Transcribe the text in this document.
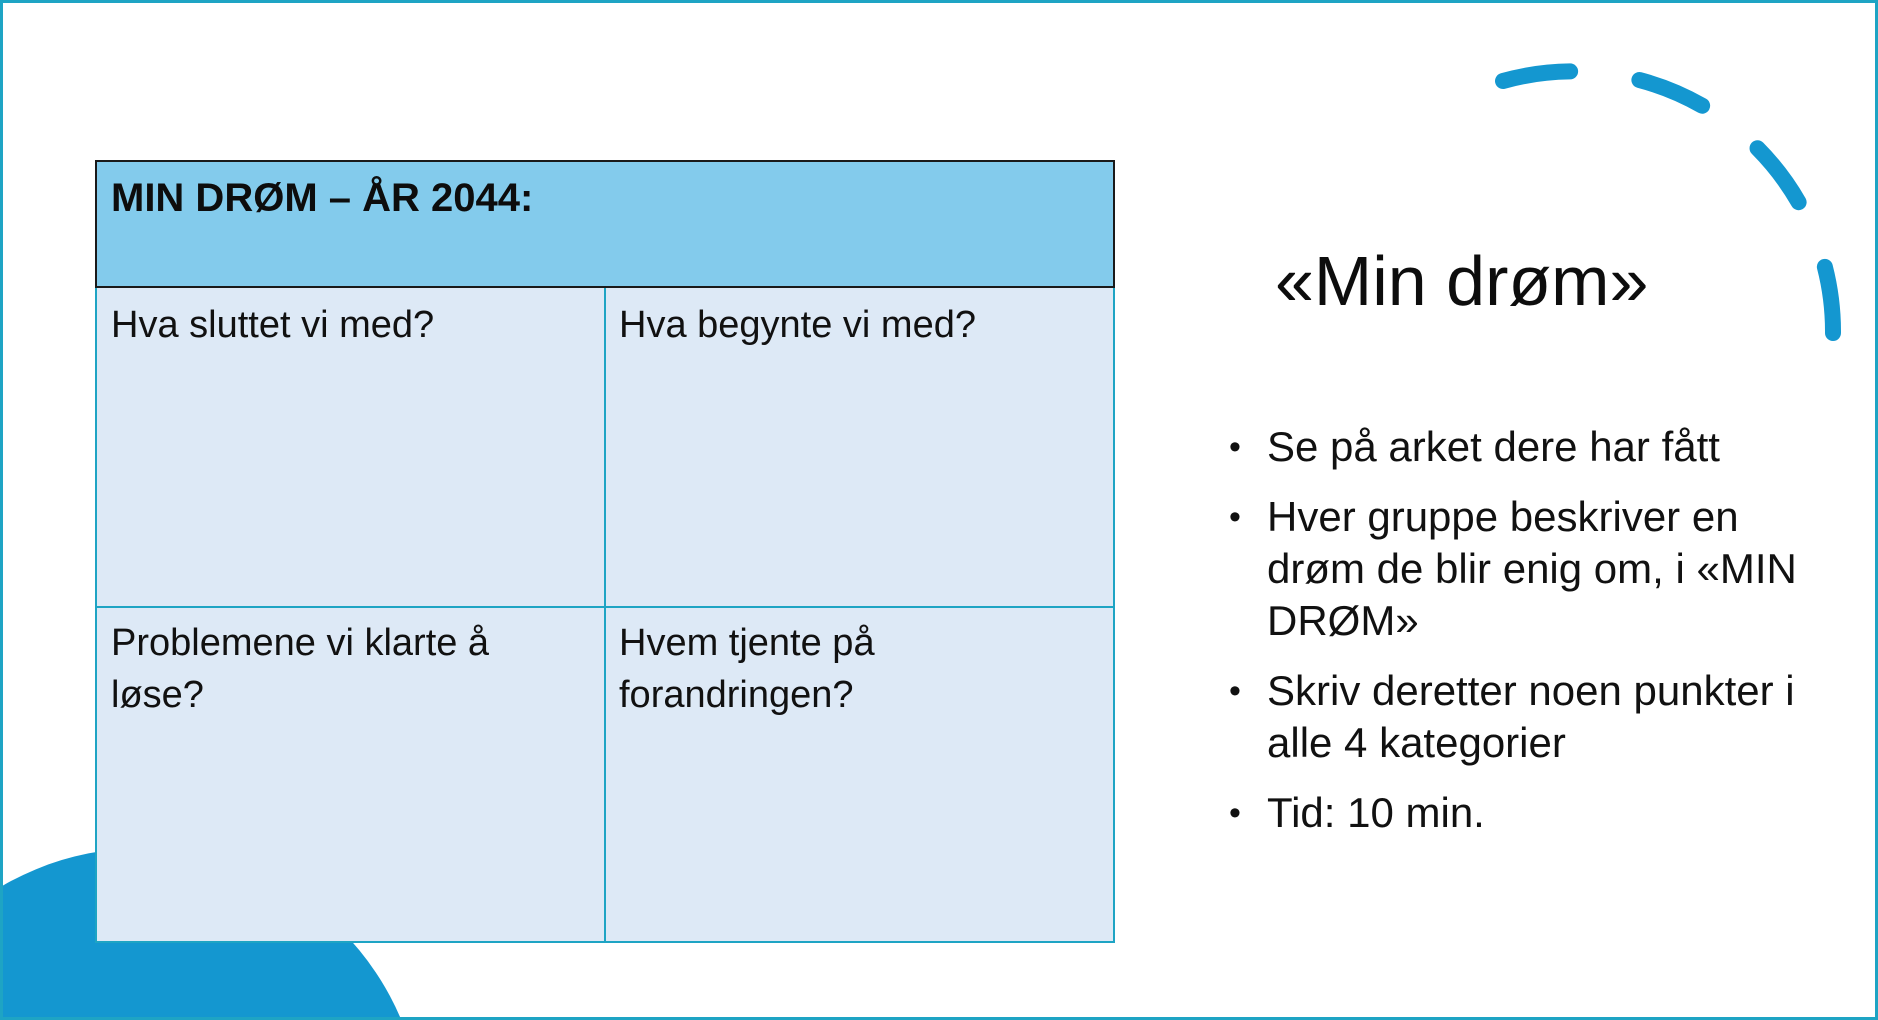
MIN DRØM – ÅR 2044:
Hva sluttet vi med?	Hva begynte vi med?
Problemene vi klarte å løse?
Hvem tjente på forandringen?
«Min drøm»
• Se på arket dere har fått
• Hver gruppe beskriver en drøm de blir enig om, i «MIN DRØM»
• Skriv deretter noen punkter i alle 4 kategorier
• Tid: 10 min.
